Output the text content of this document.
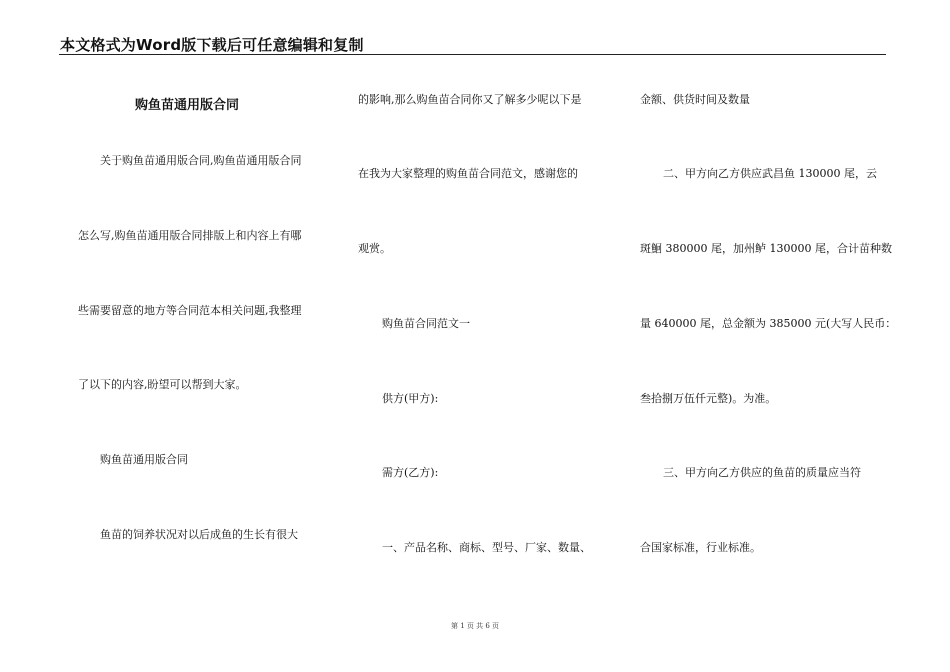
本文格式为Word版下载后可任意编辑和复制
购鱼苗通用版合同
关于购鱼苗通用版合同,购鱼苗通用版合同
怎么写,购鱼苗通用版合同排版上和内容上有哪
些需要留意的地方等合同范本相关问题,我整理
了以下的内容,盼望可以帮到大家。
购鱼苗通用版合同
鱼苗的饲养状况对以后成鱼的生长有很大
的影响,那么购鱼苗合同你又了解多少呢以下是
在我为大家整理的购鱼苗合同范文，感谢您的
观赏。
购鱼苗合同范文一
供方(甲方):
需方(乙方):
一、产品名称、商标、型号、厂家、数量、
金额、供货时间及数量
二、甲方向乙方供应武昌鱼 130000 尾，云
斑鮰 380000 尾，加州鲈 130000 尾，合计苗种数
量 640000 尾，总金额为 385000 元(大写人民币：
叁拾捌万伍仟元整)。为准。
三、甲方向乙方供应的鱼苗的质量应当符
合国家标准，行业标准。
第 1 页 共 6 页
